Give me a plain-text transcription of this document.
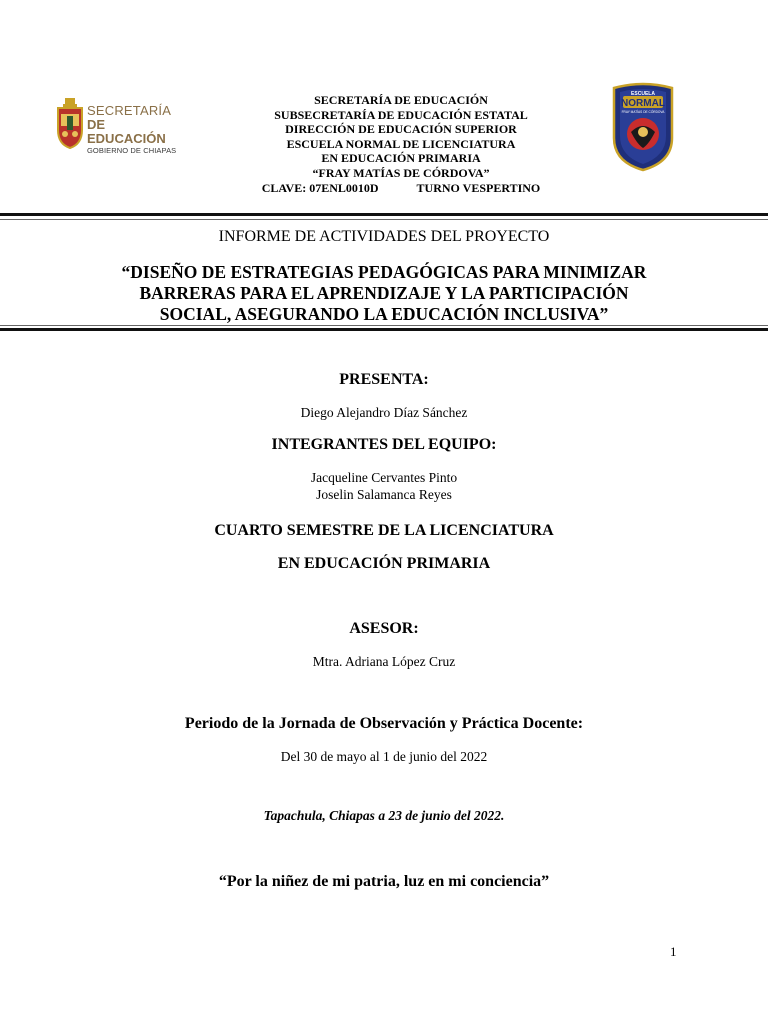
SECRETARÍA
DE EDUCACIÓN
GOBIERNO DE CHIAPAS
SECRETARÍA DE EDUCACIÓN
SUBSECRETARÍA DE EDUCACIÓN ESTATAL
DIRECCIÓN DE EDUCACIÓN SUPERIOR
ESCUELA NORMAL DE LICENCIATURA
EN EDUCACIÓN PRIMARIA
“FRAY MATÍAS DE CÓRDOVA”
CLAVE: 07ENL0010D	TURNO VESPERTINO
ESCUELA
NORMAL
FRAY MATÍAS DE CÓRDOVA
INFORME DE ACTIVIDADES DEL PROYECTO
“DISEÑO DE ESTRATEGIAS PEDAGÓGICAS PARA MINIMIZAR
BARRERAS PARA EL APRENDIZAJE Y LA PARTICIPACIÓN
SOCIAL, ASEGURANDO LA EDUCACIÓN INCLUSIVA”
PRESENTA:
Diego Alejandro Díaz Sánchez
INTEGRANTES DEL EQUIPO:
Jacqueline Cervantes Pinto
Joselin Salamanca Reyes
CUARTO SEMESTRE DE LA LICENCIATURA
EN EDUCACIÓN PRIMARIA
ASESOR:
Mtra. Adriana López Cruz
Periodo de la Jornada de Observación y Práctica Docente:
Del 30 de mayo al 1 de junio del 2022
Tapachula, Chiapas a 23 de junio del 2022.
“Por la niñez de mi patria, luz en mi conciencia”
1
